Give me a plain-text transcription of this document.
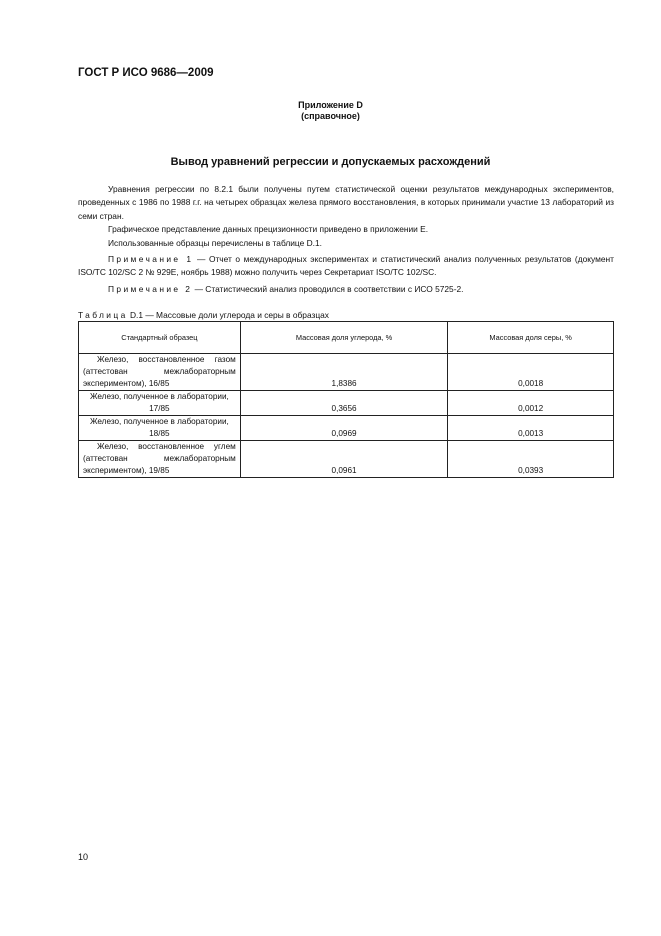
ГОСТ Р ИСО 9686—2009
Приложение D
(справочное)
Вывод уравнений регрессии и допускаемых расхождений

Уравнения регрессии по 8.2.1 были получены путем статистической оценки результатов международных экспериментов, проведенных с 1986 по 1988 г.г. на четырех образцах железа прямого восстановления, в которых принимали участие 13 лабораторий из семи стран.

Графическое представление данных прецизионности приведено в приложении Е.

Использованные образцы перечислены в таблице D.1.

Примечание 1 — Отчет о международных экспериментах и статистический анализ полученных результатов (документ ISO/TC 102/SC 2 № 929E, ноябрь 1988) можно получить через Секретариат ISO/TC 102/SC.

Примечание 2 — Статистический анализ проводился в соответствии с ИСО 5725-2.

Таблица D.1 — Массовые доли углерода и серы в образцах
Стандартный образец	Массовая доля углерода, %	Массовая доля серы, %
Железо, восстановленное газом (аттестован межлабораторным экспериментом), 16/85	1,8386	0,0018
Железо, полученное в лаборатории, 17/85	0,3656	0,0012
Железо, полученное в лаборатории, 18/85	0,0969	0,0013
Железо, восстановленное углем (аттестован межлабораторным экспериментом), 19/85	0,0961	0,0393
10
